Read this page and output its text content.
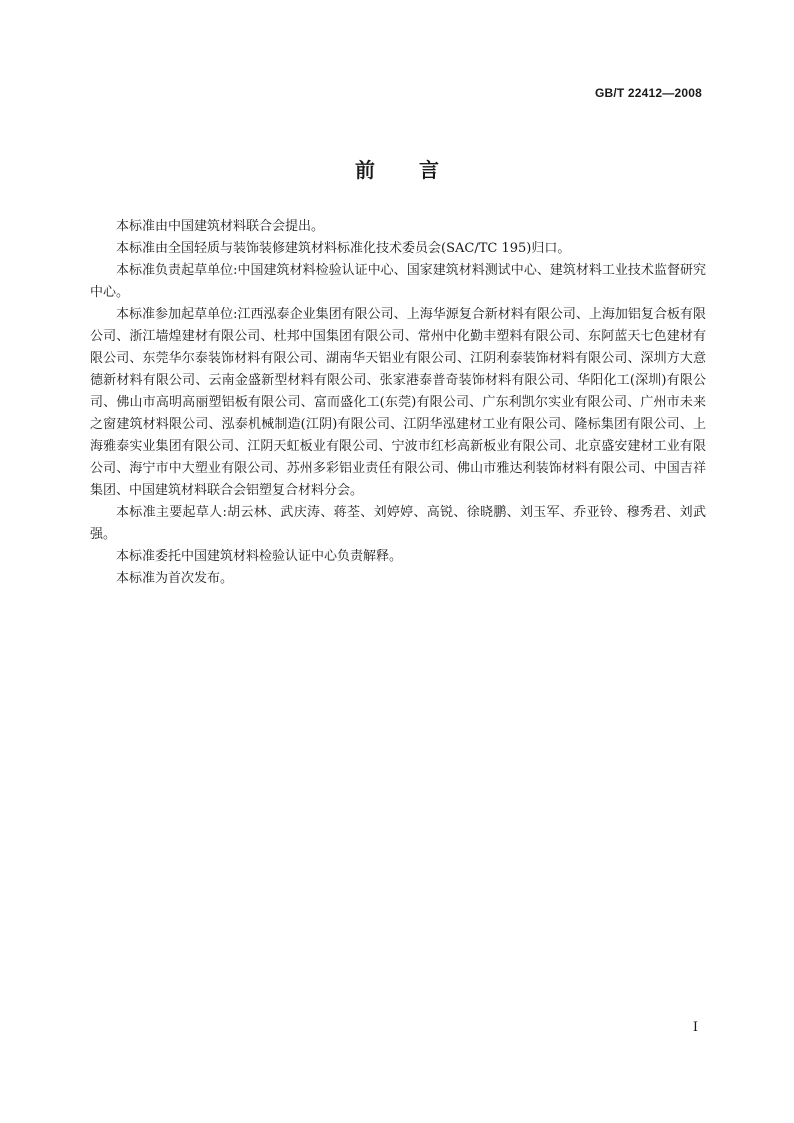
GB/T 22412—2008
前言

本标准由中国建筑材料联合会提出。

本标准由全国轻质与装饰装修建筑材料标准化技术委员会(SAC/TC 195)归口。

本标准负责起草单位:中国建筑材料检验认证中心、国家建筑材料测试中心、建筑材料工业技术监督研究中心。

本标准参加起草单位:江西泓泰企业集团有限公司、上海华源复合新材料有限公司、上海加铝复合板有限公司、浙江墙煌建材有限公司、杜邦中国集团有限公司、常州中化勤丰塑料有限公司、东阿蓝天七色建材有限公司、东莞华尔泰装饰材料有限公司、湖南华天铝业有限公司、江阴利泰装饰材料有限公司、深圳方大意德新材料有限公司、云南金盛新型材料有限公司、张家港泰普奇装饰材料有限公司、华阳化工(深圳)有限公司、佛山市高明高丽塑铝板有限公司、富而盛化工(东莞)有限公司、广东利凯尔实业有限公司、广州市未来之窗建筑材料限公司、泓泰机械制造(江阴)有限公司、江阴华泓建材工业有限公司、隆标集团有限公司、上海雅泰实业集团有限公司、江阴天虹板业有限公司、宁波市红杉高新板业有限公司、北京盛安建材工业有限公司、海宁市中大塑业有限公司、苏州多彩铝业责任有限公司、佛山市雅达利装饰材料有限公司、中国吉祥集团、中国建筑材料联合会铝塑复合材料分会。

本标准主要起草人:胡云林、武庆涛、蒋荃、刘婷婷、高锐、徐晓鹏、刘玉军、乔亚铃、穆秀君、刘武强。

本标准委托中国建筑材料检验认证中心负责解释。

本标准为首次发布。

I
